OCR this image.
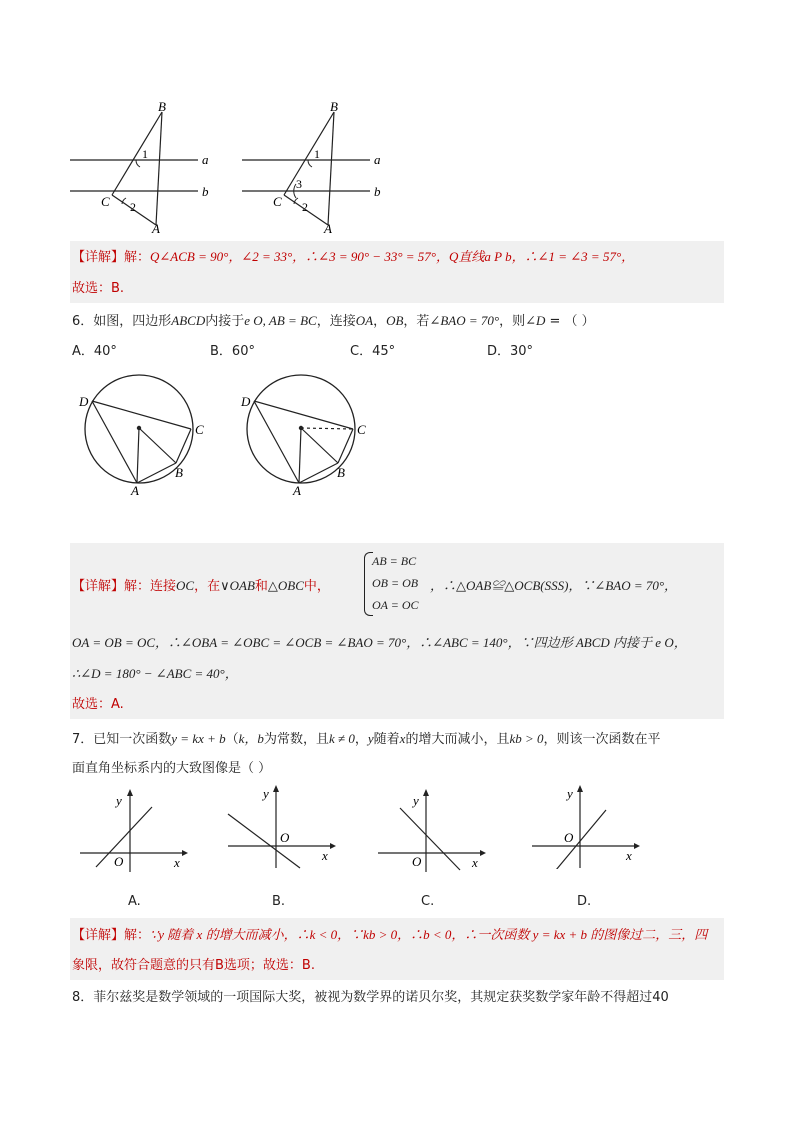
B
1	a
b
C 2
A
B
1
3
a
b
C 2
A
【详解】解：Q∠ACB = 90°，∠2 = 33°，∴∠3 = 90° − 33° = 57°，Q直线a P b，∴∠1 = ∠3 = 57°，
故选：B.
6．如图，四边形ABCD内接于e O, AB = BC，连接OA，OB，若∠BAO = 70°，则∠D = （ ）
A．40°	B．60°	C．45°	D．30°
D
C
B
A
D
C
B
A
【详解】解：连接OC，在∨OAB和△OBC中，
AB = BC
OB = OB
OA = OC
，∴△OAB≌△OCB(SSS)，∵∠BAO = 70°，
OA = OB = OC，∴∠OBA = ∠OBC = ∠OCB = ∠BAO = 70°，∴∠ABC = 140°，∵四边形 ABCD 内接于 e O，
∴∠D = 180° − ∠ABC = 40°，
故选：A.
7．已知一次函数y = kx + b（k，b为常数，且k ≠ 0，y随着x的增大而减小，且kb > 0，则该一次函数在平
面直角坐标系内的大致图像是（ ）
y
O	x
y
O
x
y
O	x
y
O
x
A.	B.	C.	D.
【详解】解：∵y 随着 x 的增大而减小，∴k < 0，∵kb > 0，∴b < 0，∴一次函数 y = kx + b 的图像过二，三，四
象限，故符合题意的只有B选项；故选：B.
8．菲尔兹奖是数学领域的一项国际大奖，被视为数学界的诺贝尔奖，其规定获奖数学家年龄不得超过40
